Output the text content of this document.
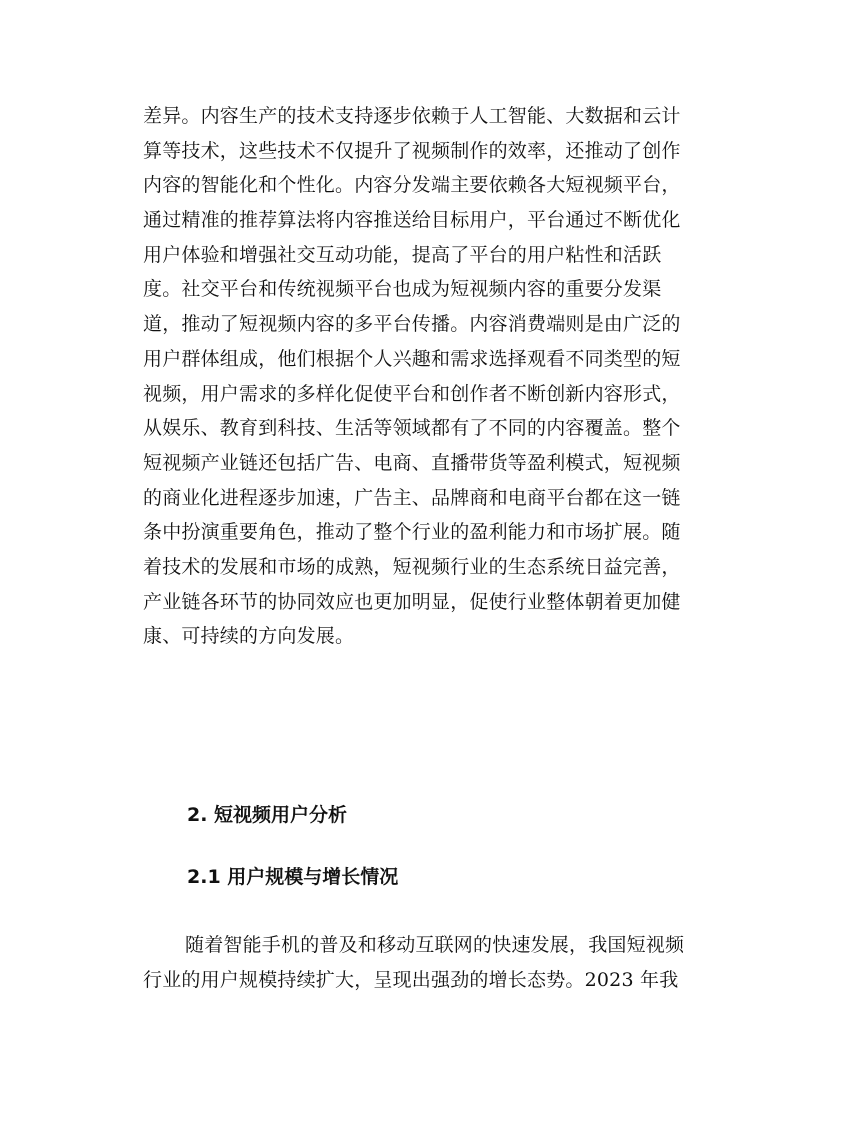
差异。内容生产的技术支持逐步依赖于人工智能、大数据和云计
算等技术，这些技术不仅提升了视频制作的效率，还推动了创作
内容的智能化和个性化。内容分发端主要依赖各大短视频平台，
通过精准的推荐算法将内容推送给目标用户，平台通过不断优化
用户体验和增强社交互动功能，提高了平台的用户粘性和活跃
度。社交平台和传统视频平台也成为短视频内容的重要分发渠
道，推动了短视频内容的多平台传播。内容消费端则是由广泛的
用户群体组成，他们根据个人兴趣和需求选择观看不同类型的短
视频，用户需求的多样化促使平台和创作者不断创新内容形式，
从娱乐、教育到科技、生活等领域都有了不同的内容覆盖。整个
短视频产业链还包括广告、电商、直播带货等盈利模式，短视频
的商业化进程逐步加速，广告主、品牌商和电商平台都在这一链
条中扮演重要角色，推动了整个行业的盈利能力和市场扩展。随
着技术的发展和市场的成熟，短视频行业的生态系统日益完善，
产业链各环节的协同效应也更加明显，促使行业整体朝着更加健
康、可持续的方向发展。
2. 短视频用户分析
2.1 用户规模与增长情况
随着智能手机的普及和移动互联网的快速发展，我国短视频
行业的用户规模持续扩大，呈现出强劲的增长态势。2023 年我
